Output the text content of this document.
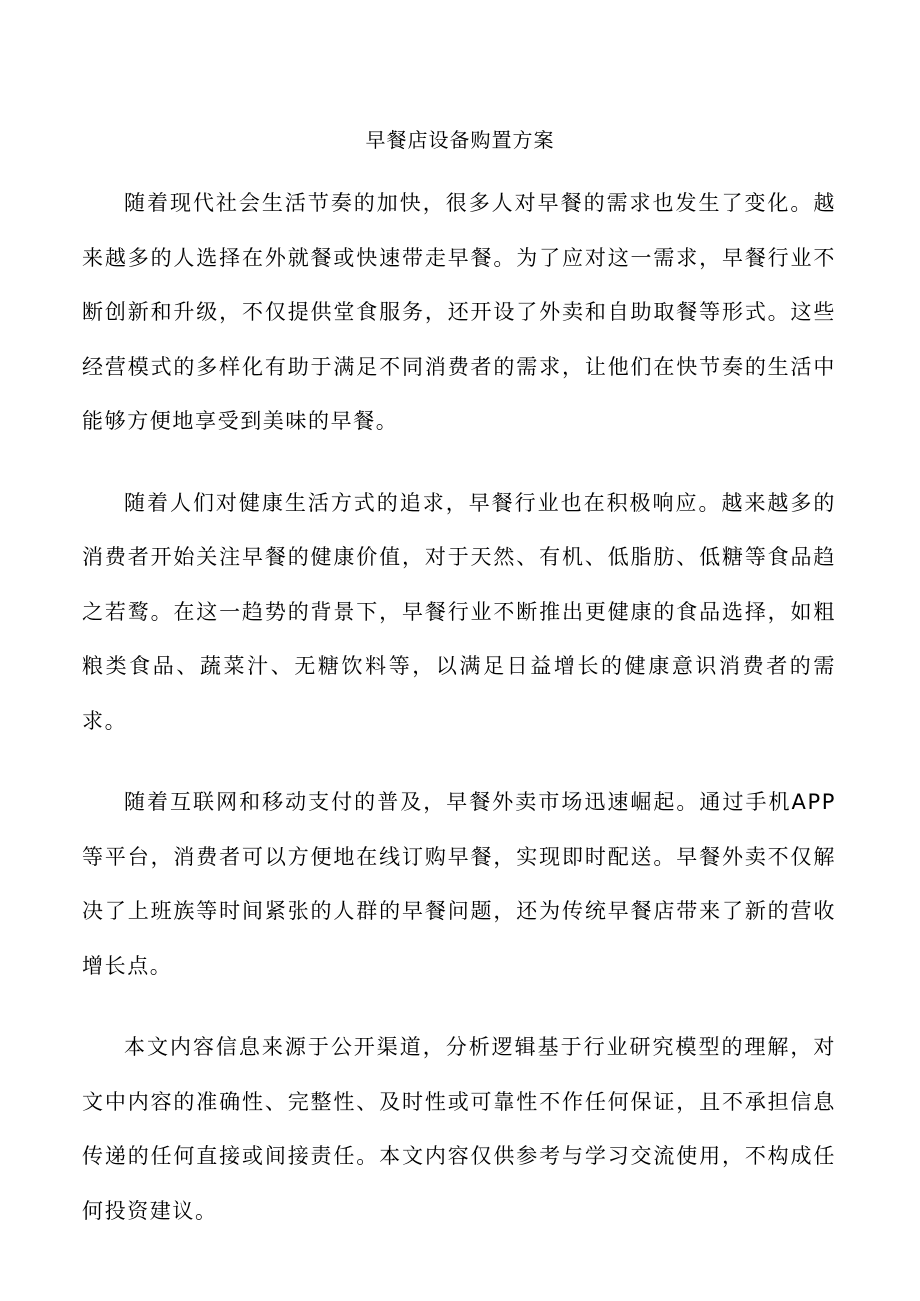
早餐店设备购置方案

随着现代社会生活节奏的加快，很多人对早餐的需求也发生了变化。越来越多的人选择在外就餐或快速带走早餐。为了应对这一需求，早餐行业不断创新和升级，不仅提供堂食服务，还开设了外卖和自助取餐等形式。这些经营模式的多样化有助于满足不同消费者的需求，让他们在快节奏的生活中能够方便地享受到美味的早餐。

随着人们对健康生活方式的追求，早餐行业也在积极响应。越来越多的消费者开始关注早餐的健康价值，对于天然、有机、低脂肪、低糖等食品趋之若鹜。在这一趋势的背景下，早餐行业不断推出更健康的食品选择，如粗粮类食品、蔬菜汁、无糖饮料等，以满足日益增长的健康意识消费者的需求。

随着互联网和移动支付的普及，早餐外卖市场迅速崛起。通过手机APP等平台，消费者可以方便地在线订购早餐，实现即时配送。早餐外卖不仅解决了上班族等时间紧张的人群的早餐问题，还为传统早餐店带来了新的营收增长点。

本文内容信息来源于公开渠道，分析逻辑基于行业研究模型的理解，对文中内容的准确性、完整性、及时性或可靠性不作任何保证，且不承担信息传递的任何直接或间接责任。本文内容仅供参考与学习交流使用，不构成任何投资建议。
